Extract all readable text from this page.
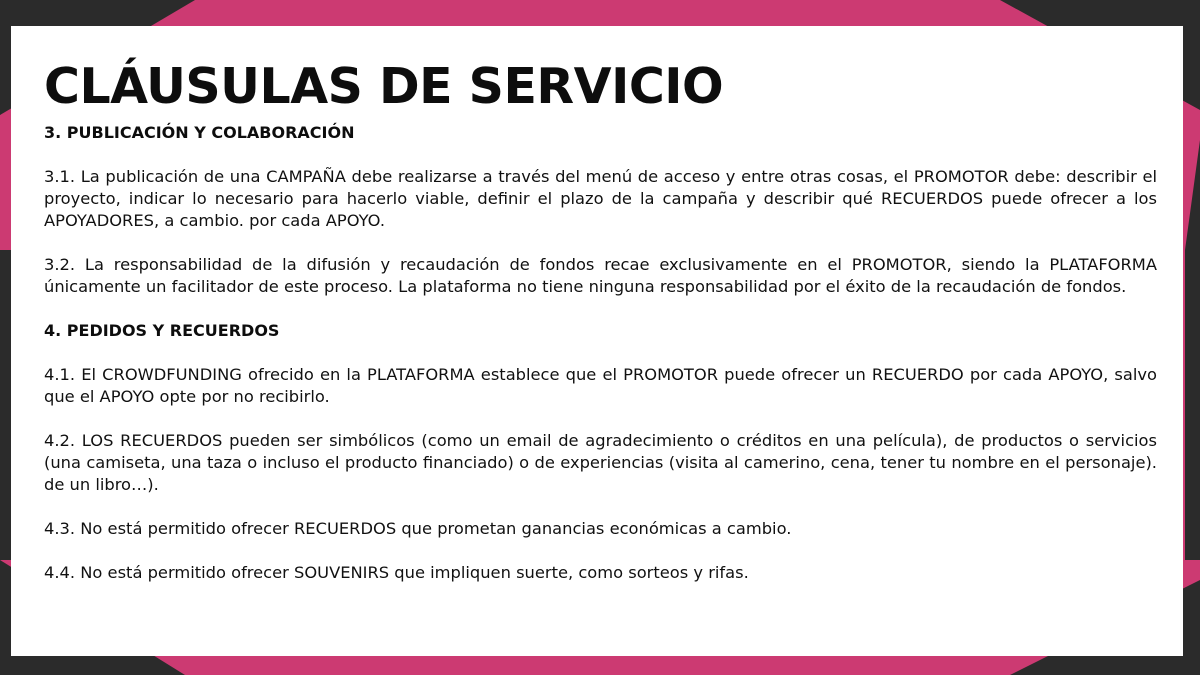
CLÁUSULAS DE SERVICIO
3. PUBLICACIÓN Y COLABORACIÓN

3.1. La publicación de una CAMPAÑA debe realizarse a través del menú de acceso y entre otras cosas, el PROMOTOR debe: describir el proyecto, indicar lo necesario para hacerlo viable, definir el plazo de la campaña y describir qué RECUERDOS puede ofrecer a los APOYADORES, a cambio. por cada APOYO.

3.2. La responsabilidad de la difusión y recaudación de fondos recae exclusivamente en el PROMOTOR, siendo la PLATAFORMA únicamente un facilitador de este proceso. La plataforma no tiene ninguna responsabilidad por el éxito de la recaudación de fondos.

4. PEDIDOS Y RECUERDOS

4.1. El CROWDFUNDING ofrecido en la PLATAFORMA establece que el PROMOTOR puede ofrecer un RECUERDO por cada APOYO, salvo que el APOYO opte por no recibirlo.

4.2. LOS RECUERDOS pueden ser simbólicos (como un email de agradecimiento o créditos en una película), de productos o servicios (una camiseta, una taza o incluso el producto financiado) o de experiencias (visita al camerino, cena, tener tu nombre en el personaje). de un libro…).

4.3. No está permitido ofrecer RECUERDOS que prometan ganancias económicas a cambio.

4.4. No está permitido ofrecer SOUVENIRS que impliquen suerte, como sorteos y rifas.
